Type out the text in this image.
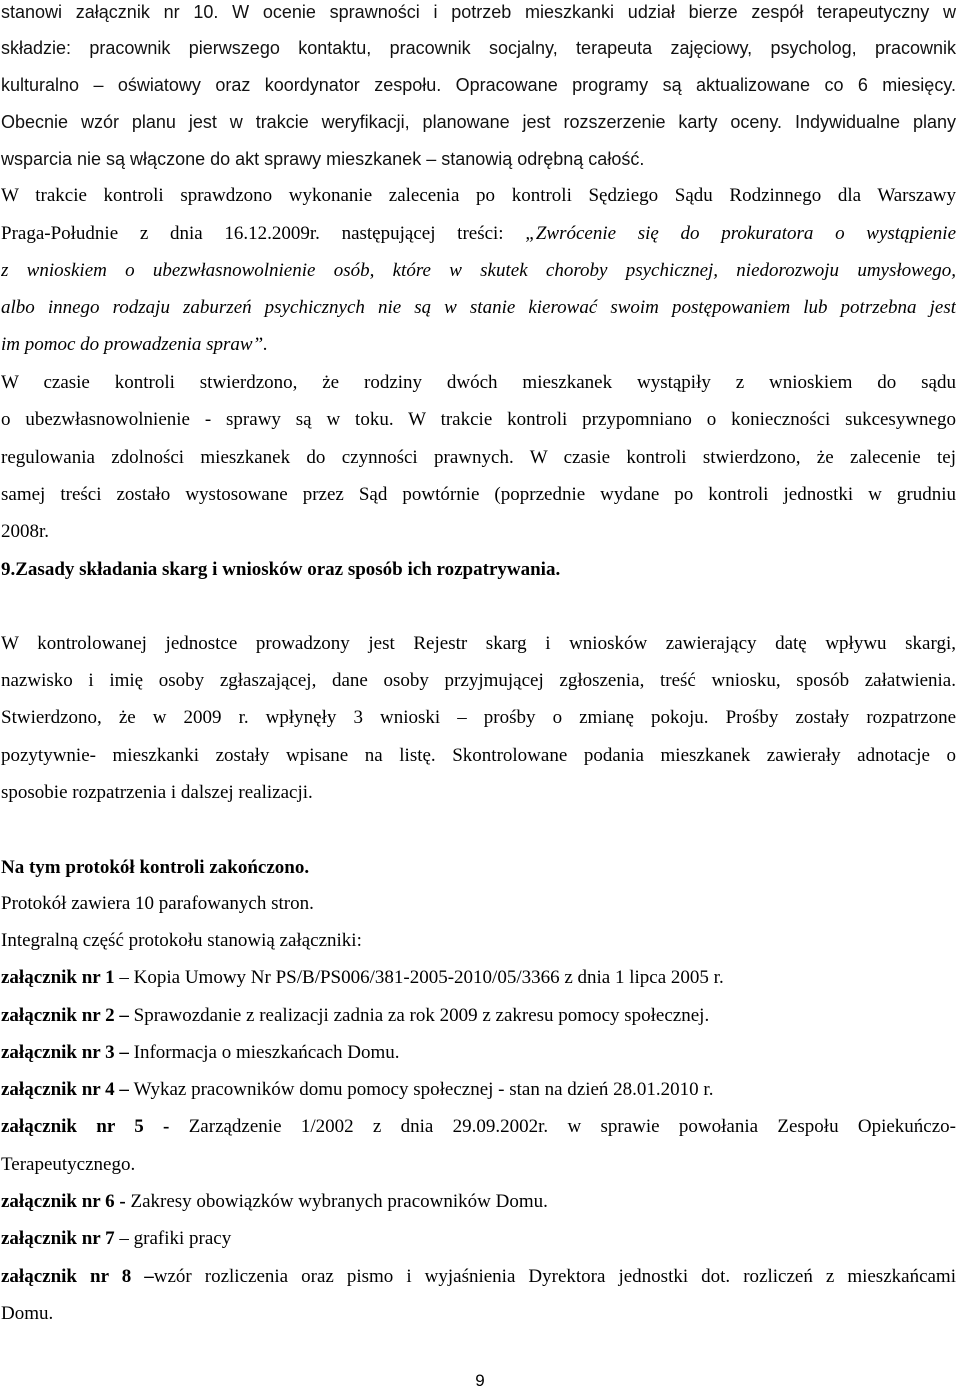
stanowi załącznik nr 10. W ocenie sprawności i potrzeb mieszkanki udział bierze zespół terapeutyczny w
składzie: pracownik pierwszego kontaktu, pracownik socjalny, terapeuta zajęciowy, psycholog, pracownik
kulturalno – oświatowy oraz koordynator zespołu. Opracowane programy są aktualizowane co 6 miesięcy.
Obecnie wzór planu jest w trakcie weryfikacji, planowane jest rozszerzenie karty oceny. Indywidualne plany
wsparcia nie są włączone do akt sprawy mieszkanek – stanowią odrębną całość.
W trakcie kontroli sprawdzono wykonanie zalecenia po kontroli Sędziego Sądu Rodzinnego dla Warszawy
Praga-Południe z dnia 16.12.2009r. następującej treści: „Zwrócenie się do prokuratora o wystąpienie
z wnioskiem o ubezwłasnowolnienie osób, które w skutek choroby psychicznej, niedorozwoju umysłowego,
albo innego rodzaju zaburzeń psychicznych nie są w stanie kierować swoim postępowaniem lub potrzebna jest
im pomoc do prowadzenia spraw”.
W czasie kontroli stwierdzono, że rodziny dwóch mieszkanek wystąpiły z wnioskiem do sądu
o ubezwłasnowolnienie - sprawy są w toku. W trakcie kontroli przypomniano o konieczności sukcesywnego
regulowania zdolności mieszkanek do czynności prawnych. W czasie kontroli stwierdzono, że zalecenie tej
samej treści zostało wystosowane przez Sąd powtórnie (poprzednie wydane po kontroli jednostki w grudniu
2008r.
9.Zasady składania skarg i wniosków oraz sposób ich rozpatrywania.
W kontrolowanej jednostce prowadzony jest Rejestr skarg i wniosków zawierający datę wpływu skargi,
nazwisko i imię osoby zgłaszającej, dane osoby przyjmującej zgłoszenia, treść wniosku, sposób załatwienia.
Stwierdzono, że w 2009 r. wpłynęły 3 wnioski – prośby o zmianę pokoju. Prośby zostały rozpatrzone
pozytywnie- mieszkanki zostały wpisane na listę. Skontrolowane podania mieszkanek zawierały adnotacje o
sposobie rozpatrzenia i dalszej realizacji.
Na tym protokół kontroli zakończono.
Protokół zawiera 10 parafowanych stron.
Integralną część protokołu stanowią załączniki:
załącznik nr 1 – Kopia Umowy Nr PS/B/PS006/381-2005-2010/05/3366 z dnia 1 lipca 2005 r.
załącznik nr 2 – Sprawozdanie z realizacji zadnia za rok 2009 z zakresu pomocy społecznej.
załącznik nr 3 – Informacja o mieszkańcach Domu.
załącznik nr 4 – Wykaz pracowników domu pomocy społecznej - stan na dzień 28.01.2010 r.
załącznik nr 5 - Zarządzenie 1/2002 z dnia 29.09.2002r. w sprawie powołania Zespołu Opiekuńczo-
Terapeutycznego.
załącznik nr 6 - Zakresy obowiązków wybranych pracowników Domu.
załącznik nr 7 – grafiki pracy
załącznik nr 8 –wzór rozliczenia oraz pismo i wyjaśnienia Dyrektora jednostki dot. rozliczeń z mieszkańcami
Domu.
9
